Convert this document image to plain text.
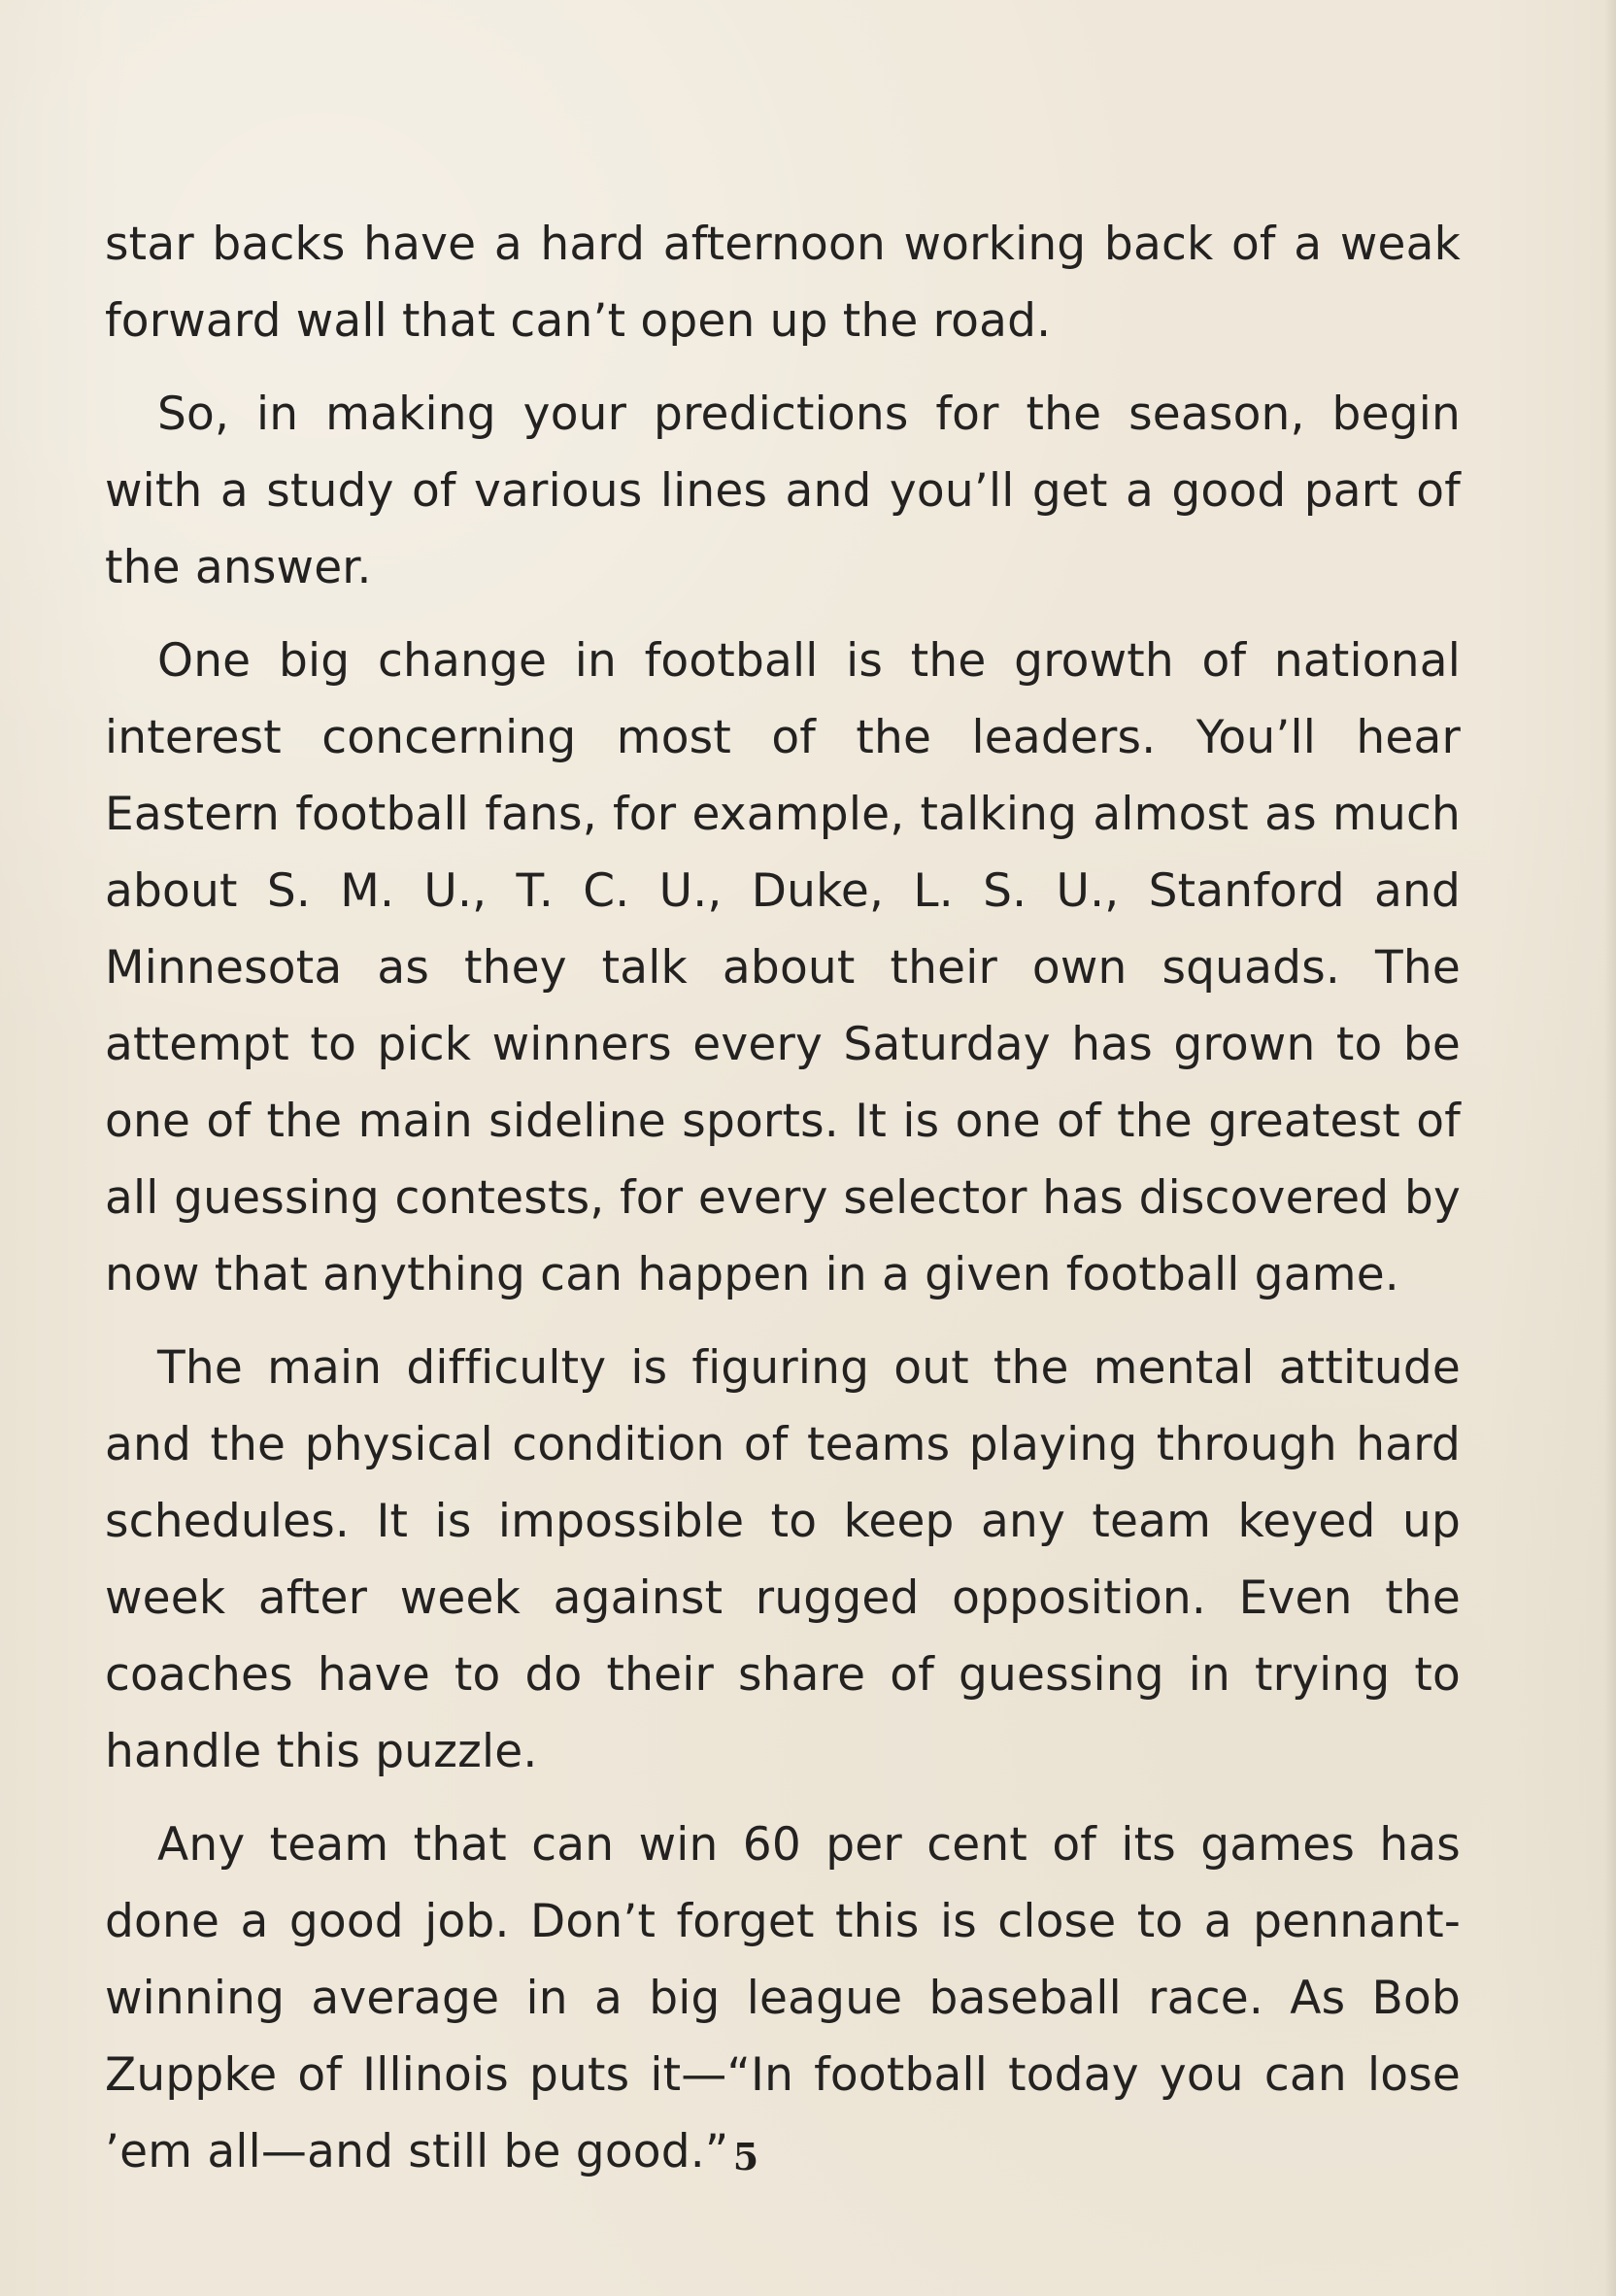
star backs have a hard afternoon working back of a weak forward wall that can’t open up the road.

So, in making your predictions for the season, begin with a study of various lines and you’ll get a good part of the answer.

One big change in football is the growth of national interest concerning most of the leaders. You’ll hear Eastern football fans, for example, talking almost as much about S. M. U., T. C. U., Duke, L. S. U., Stanford and Minnesota as they talk about their own squads. The attempt to pick winners every Saturday has grown to be one of the main sideline sports. It is one of the greatest of all guessing contests, for every selector has discovered by now that anything can happen in a given football game.

The main difficulty is figuring out the mental attitude and the physical condition of teams playing through hard schedules. It is impossible to keep any team keyed up week after week against rugged opposition. Even the coaches have to do their share of guessing in trying to handle this puzzle.

Any team that can win 60 per cent of its games has done a good job. Don’t forget this is close to a pennant-winning average in a big league baseball race. As Bob Zuppke of Illinois puts it—“In football today you can lose ’em all—and still be good.” 5
